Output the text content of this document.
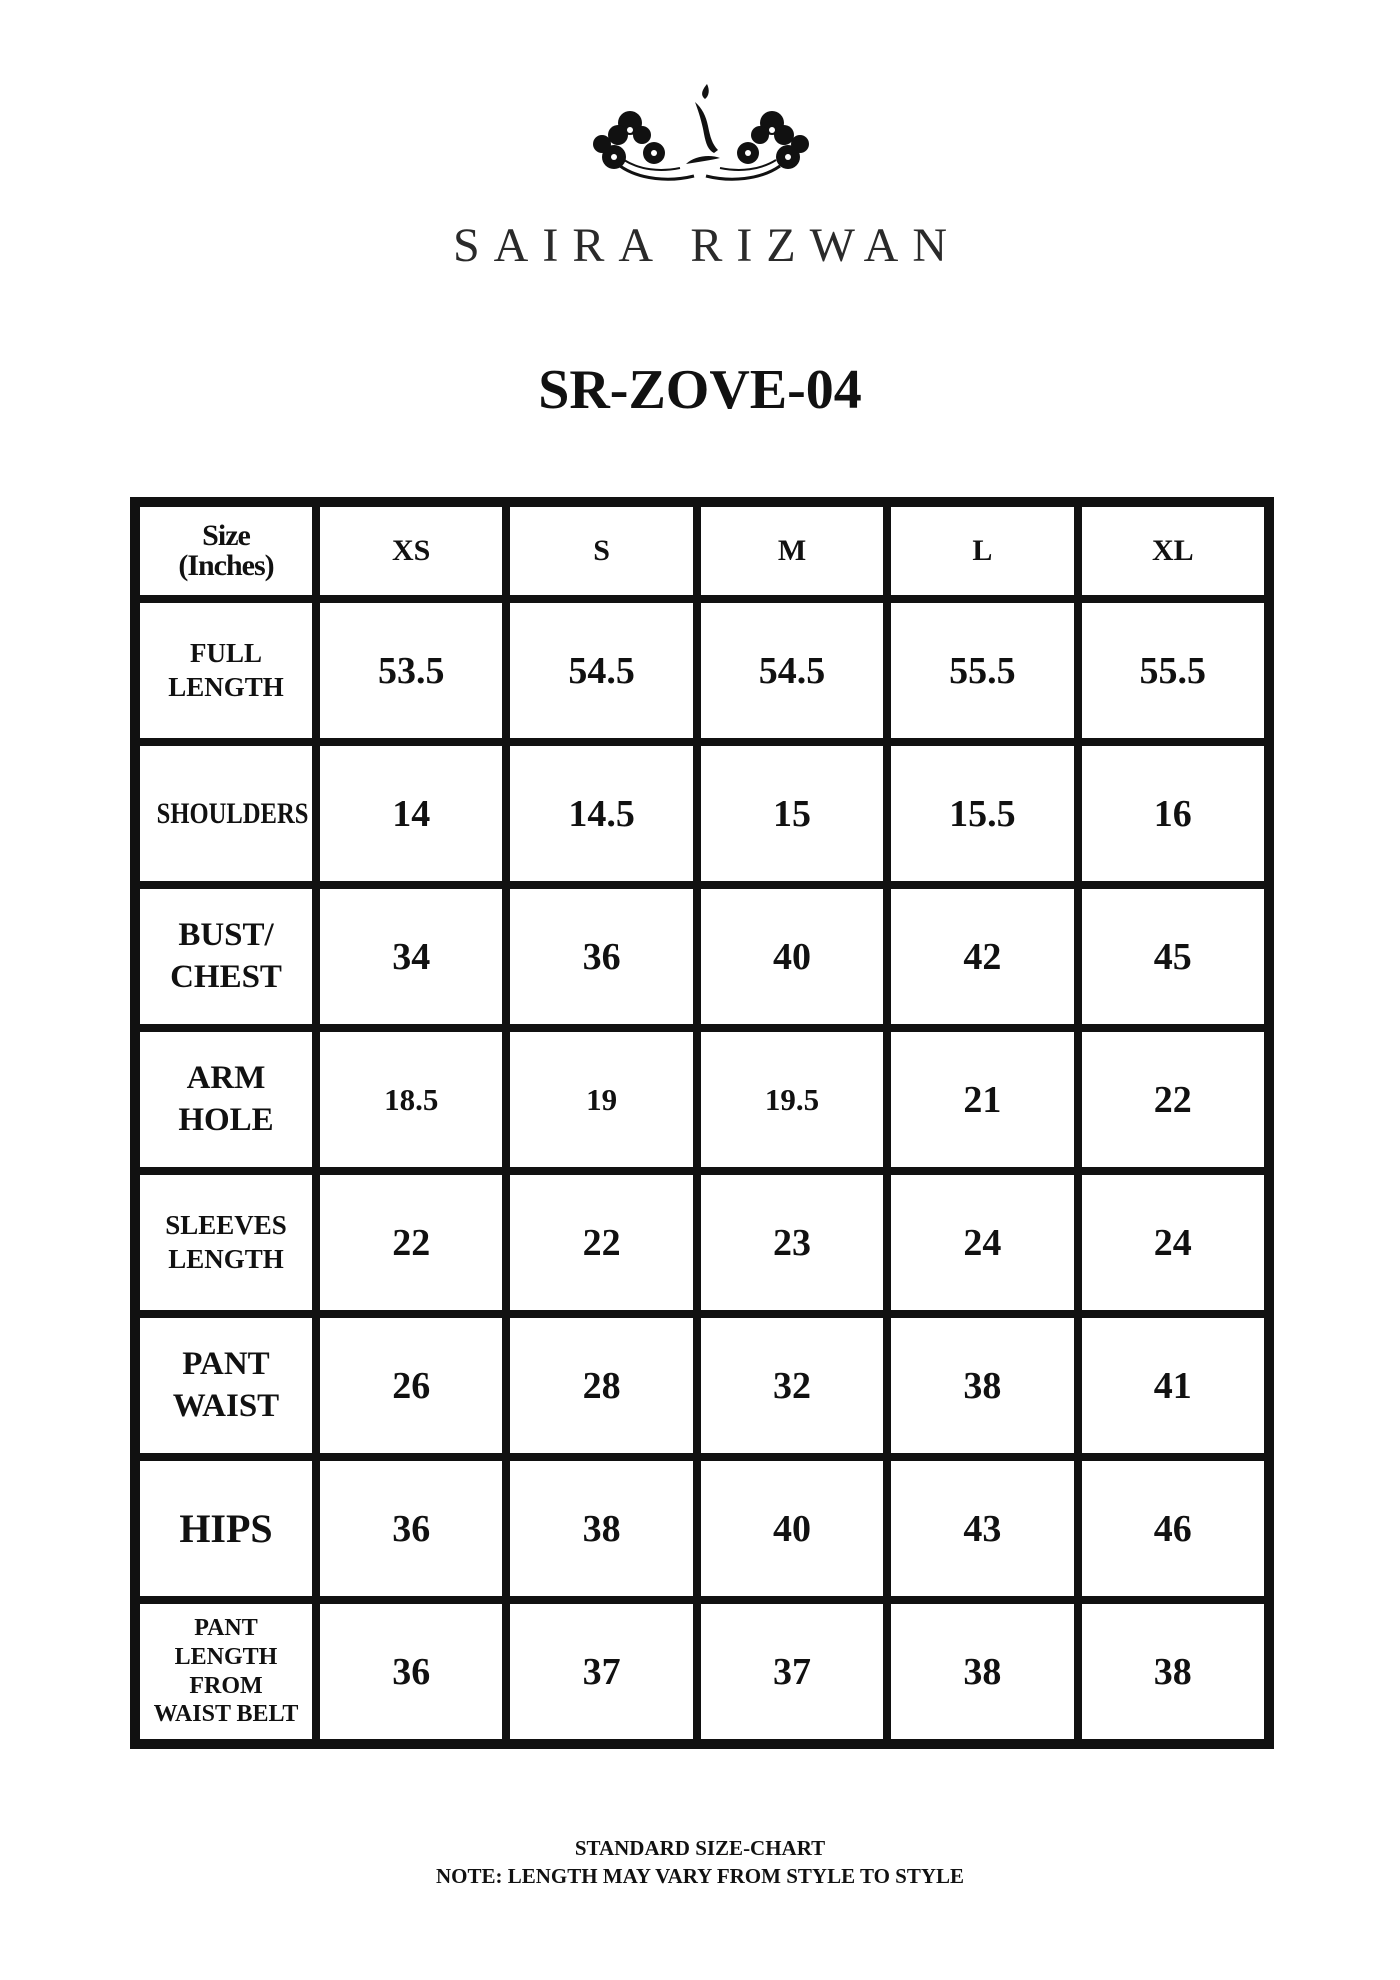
SAIRA RIZWAN
SR-ZOVE-04
Size
(Inches)	XS	S	M	L	XL
FULL
LENGTH	53.5	54.5	54.5	55.5	55.5
SHOULDERS	14	14.5	15	15.5	16
BUST/
CHEST	34	36	40	42	45
ARM
HOLE	18.5	19	19.5	21	22
SLEEVES
LENGTH	22	22	23	24	24
PANT
WAIST	26	28	32	38	41
HIPS	36	38	40	43	46
PANT
LENGTH
FROM
WAIST BELT	36	37	37	38	38
STANDARD SIZE-CHART
NOTE: LENGTH MAY VARY FROM STYLE TO STYLE
